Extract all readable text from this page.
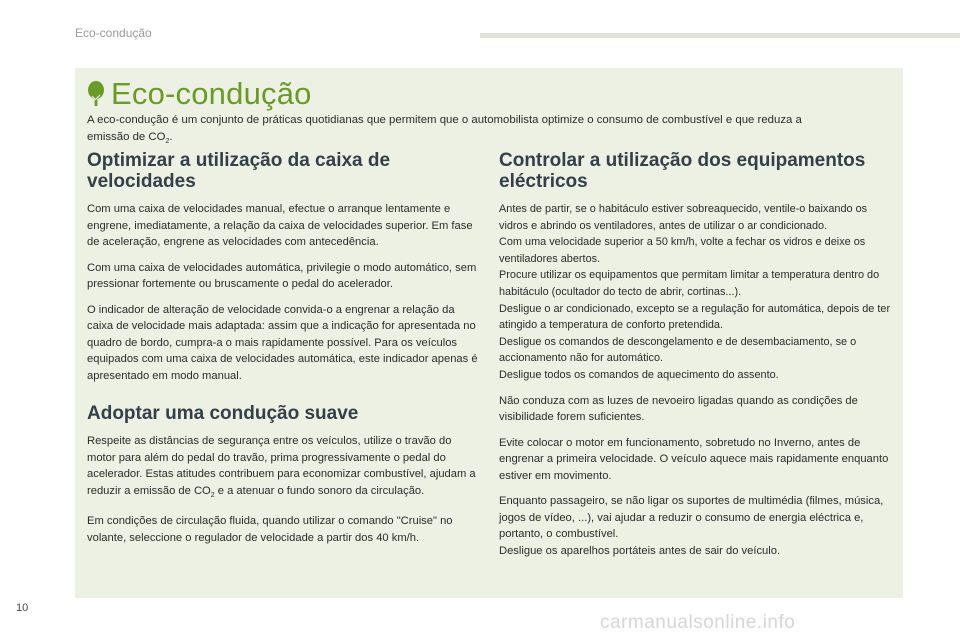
Eco-condução
Eco-condução
A eco-condução é um conjunto de práticas quotidianas que permitem que o automobilista optimize o consumo de combustível e que reduza a
emissão de $CO_2$.
Optimizar a utilização da caixa de velocidades

Com uma caixa de velocidades manual, efectue o arranque lentamente e engrene, imediatamente, a relação da caixa de velocidades superior. Em fase de aceleração, engrene as velocidades com antecedência.

Com uma caixa de velocidades automática, privilegie o modo automático, sem pressionar fortemente ou bruscamente o pedal do acelerador.

O indicador de alteração de velocidade convida-o a engrenar a relação da caixa de velocidade mais adaptada: assim que a indicação for apresentada no quadro de bordo, cumpra-a o mais rapidamente possível. Para os veículos equipados com uma caixa de velocidades automática, este indicador apenas é apresentado em modo manual.

Adoptar uma condução suave

Respeite as distâncias de segurança entre os veículos, utilize o travão do motor para além do pedal do travão, prima progressivamente o pedal do acelerador. Estas atitudes contribuem para economizar combustível, ajudam a reduzir a emissão de $CO_2$ e a atenuar o fundo sonoro da circulação.

Em condições de circulação fluida, quando utilizar o comando "Cruise" no volante, seleccione o regulador de velocidade a partir dos 40 km/h.

Controlar a utilização dos equipamentos eléctricos

Antes de partir, se o habitáculo estiver sobreaquecido, ventile-o baixando os vidros e abrindo os ventiladores, antes de utilizar o ar condicionado.
Com uma velocidade superior a 50 km/h, volte a fechar os vidros e deixe os ventiladores abertos.
Procure utilizar os equipamentos que permitam limitar a temperatura dentro do habitáculo (ocultador do tecto de abrir, cortinas...).
Desligue o ar condicionado, excepto se a regulação for automática, depois de ter atingido a temperatura de conforto pretendida.
Desligue os comandos de descongelamento e de desembaciamento, se o accionamento não for automático.
Desligue todos os comandos de aquecimento do assento.

Não conduza com as luzes de nevoeiro ligadas quando as condições de visibilidade forem suficientes.

Evite colocar o motor em funcionamento, sobretudo no Inverno, antes de engrenar a primeira velocidade. O veículo aquece mais rapidamente enquanto estiver em movimento.

Enquanto passageiro, se não ligar os suportes de multimédia (filmes, música, jogos de vídeo, ...), vai ajudar a reduzir o consumo de energia eléctrica e, portanto, o combustível.
Desligue os aparelhos portáteis antes de sair do veículo.

10
carmanualsonline.info
